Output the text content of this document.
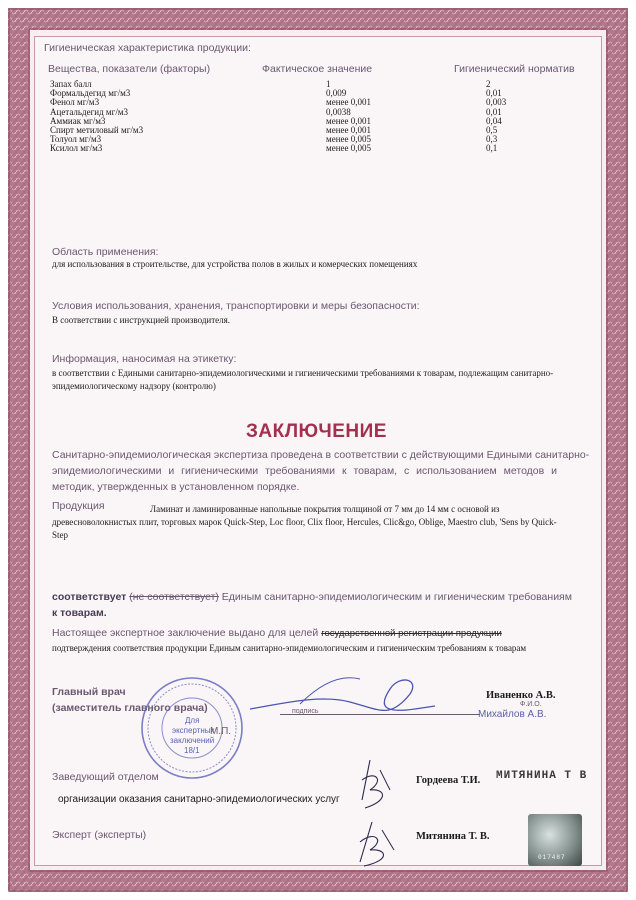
Гигиеническая характеристика продукции:
Вещества, показатели (факторы)	Фактическое значение	Гигиенический норматив
Запах балл	1	2
Формальдегид мг/м3	0,009	0,01
Фенол мг/м3	менее 0,001	0,003
Ацетальдегид мг/м3	0,0038	0,01
Аммиак мг/м3	менее 0,001	0,04
Спирт метиловый мг/м3	менее 0,001	0,5
Толуол мг/м3	менее 0,005	0,3
Ксилол мг/м3	менее 0,005	0,1
Область применения:
для использования в строительстве, для устройства полов в жилых и комерческих помещениях
Условия использования, хранения, транспортировки и меры безопасности:
В соответствии с инструкцией производителя.
Информация, наносимая на этикетку:
в соответствии с Едиными санитарно-эпидемиологическими и гигиеническими требованиями к товарам, подлежащим санитарно-
эпидемиологическому надзору (контролю)
ЗАКЛЮЧЕНИЕ
Санитарно-эпидемиологическая экспертиза проведена в соответствии с действующими Едиными санитарно-
эпидемиологическими и гигиеническими требованиями к товарам, с использованием методов и
методик, утвержденных в установленном порядке.
Продукция	Ламинат и ламинированные напольные покрытия толщиной от 7 мм до 14 мм с основой из
древесноволокнистых плит, торговых марок Quick-Step, Loc floor, Clix floor, Hercules, Clic&go, Oblige, Maestro club, 'Sens by Quick-
Step
соответствует (не соответствует) Единым санитарно-эпидемиологическим и гигиеническим требованиям
к товарам.
Настоящее экспертное заключение выдано для целей государственной регистрации продукции
подтверждения соответствия продукции Единым санитарно-эпидемиологическим и гигиеническим требованиям к товарам
Главный врач
(заместитель главного врача)
Иваненко А.В.
Ф.И.О.
подпись	Михайлов А.В.
Для
экспертных
заключений
18/1
М.П.
Заведующий отделом	Гордеева Т.И. МИТЯНИНА Т В
организации оказания санитарно-эпидемиологических услуг
Эксперт (эксперты)	Митянина Т. В.
017487
